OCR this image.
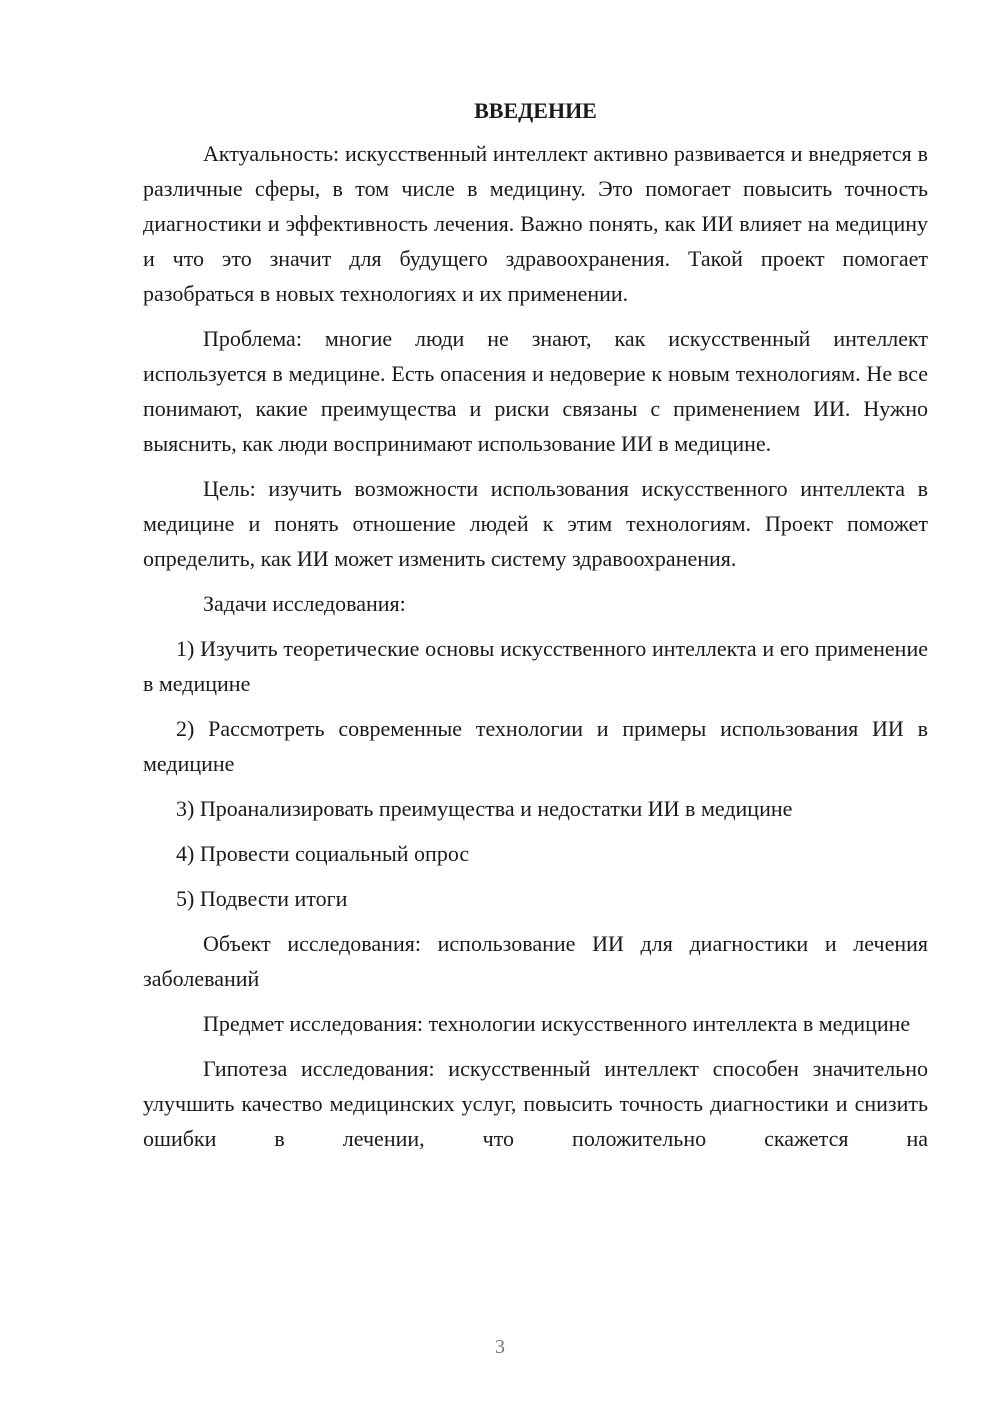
ВВЕДЕНИЕ

Актуальность: искусственный интеллект активно развивается и внедряется в различные сферы, в том числе в медицину. Это помогает повысить точность диагностики и эффективность лечения. Важно понять, как ИИ влияет на медицину и что это значит для будущего здравоохранения. Такой проект помогает разобраться в новых технологиях и их применении.

Проблема: многие люди не знают, как искусственный интеллект используется в медицине. Есть опасения и недоверие к новым технологиям. Не все понимают, какие преимущества и риски связаны с применением ИИ. Нужно выяснить, как люди воспринимают использование ИИ в медицине.

Цель: изучить возможности использования искусственного интеллекта в медицине и понять отношение людей к этим технологиям. Проект поможет определить, как ИИ может изменить систему здравоохранения.

Задачи исследования:

1) Изучить теоретические основы искусственного интеллекта и его применение в медицине

2) Рассмотреть современные технологии и примеры использования ИИ в медицине

3) Проанализировать преимущества и недостатки ИИ в медицине

4) Провести социальный опрос

5) Подвести итоги

Объект исследования: использование ИИ для диагностики и лечения заболеваний

Предмет исследования: технологии искусственного интеллекта в медицине

Гипотеза исследования: искусственный интеллект способен значительно улучшить качество медицинских услуг, повысить точность диагностики и снизить ошибки в лечении, что положительно скажется на

3
